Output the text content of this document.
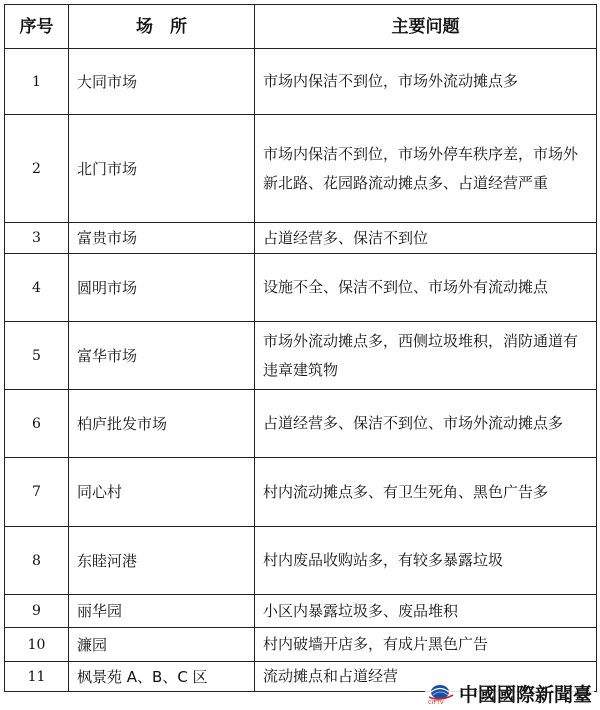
序号	场　所	主要问题
1	大同市场	市场内保洁不到位，市场外流动摊点多
2	北门市场	市场内保洁不到位，市场外停车秩序差，市场外新北路、花园路流动摊点多、占道经营严重
3	富贵市场	占道经营多、保洁不到位
4	圆明市场	设施不全、保洁不到位、市场外有流动摊点
5	富华市场	市场外流动摊点多，西侧垃圾堆积，消防通道有违章建筑物
6	柏庐批发市场	占道经营多、保洁不到位、市场外流动摊点多
7	同心村	村内流动摊点多、有卫生死角、黑色广告多
8	东睦河港	村内废品收购站多，有较多暴露垃圾
9	丽华园	小区内暴露垃圾多、废品堆积
10	濂园	村内破墙开店多，有成片黑色广告
11	枫景苑 A、B、C 区	流动摊点和占道经营
CIFTV 中國國際新聞臺
